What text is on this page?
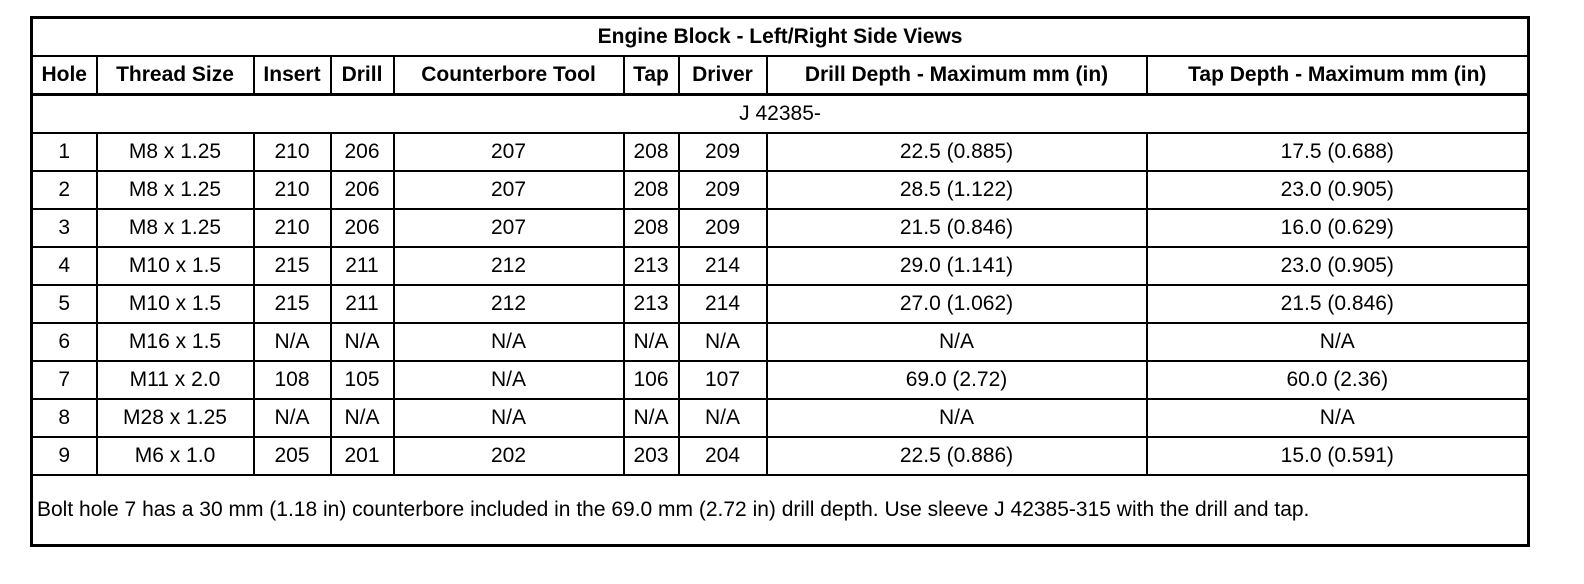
Engine Block - Left/Right Side Views								
Hole	Thread Size	Insert	Drill	Counterbore Tool	Tap	Driver	Drill Depth - Maximum mm (in)	Tap Depth - Maximum mm (in)
J 42385-								
1	M8 x 1.25	210	206	207	208	209	22.5 (0.885)	17.5 (0.688)
2	M8 x 1.25	210	206	207	208	209	28.5 (1.122)	23.0 (0.905)
3	M8 x 1.25	210	206	207	208	209	21.5 (0.846)	16.0 (0.629)
4	M10 x 1.5	215	211	212	213	214	29.0 (1.141)	23.0 (0.905)
5	M10 x 1.5	215	211	212	213	214	27.0 (1.062)	21.5 (0.846)
6	M16 x 1.5	N/A	N/A	N/A	N/A	N/A	N/A	N/A
7	M11 x 2.0	108	105	N/A	106	107	69.0 (2.72)	60.0 (2.36)
8	M28 x 1.25	N/A	N/A	N/A	N/A	N/A	N/A	N/A
9	M6 x 1.0	205	201	202	203	204	22.5 (0.886)	15.0 (0.591)
Bolt hole 7 has a 30 mm (1.18 in) counterbore included in the 69.0 mm (2.72 in) drill depth. Use sleeve J 42385-315 with the drill and tap.								
